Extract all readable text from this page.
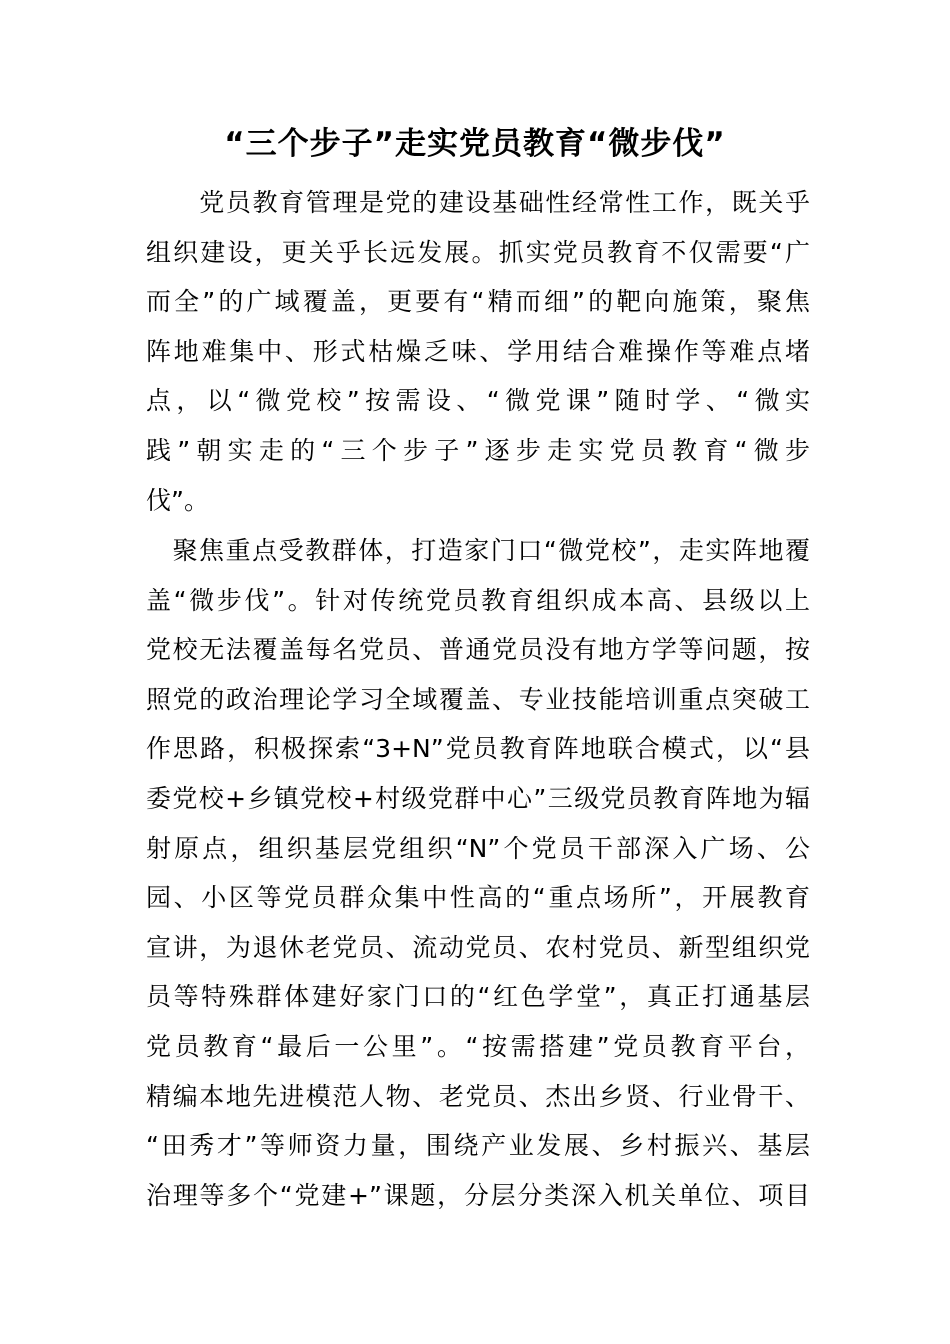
“三个步子”走实党员教育“微步伐”
　　党员教育管理是党的建设基础性经常性工作，既关乎
组织建设，更关乎长远发展。抓实党员教育不仅需要“广
而全”的广域覆盖，更要有“精而细”的靶向施策，聚焦
阵地难集中、形式枯燥乏味、学用结合难操作等难点堵
点，以“微党校”按需设、“微党课”随时学、“微实
践”朝实走的“三个步子”逐步走实党员教育“微步
伐”。
　聚焦重点受教群体，打造家门口“微党校”，走实阵地覆
盖“微步伐”。针对传统党员教育组织成本高、县级以上
党校无法覆盖每名党员、普通党员没有地方学等问题，按
照党的政治理论学习全域覆盖、专业技能培训重点突破工
作思路，积极探索“3+N”党员教育阵地联合模式，以“县
委党校+乡镇党校+村级党群中心”三级党员教育阵地为辐
射原点，组织基层党组织“N”个党员干部深入广场、公
园、小区等党员群众集中性高的“重点场所”，开展教育
宣讲，为退休老党员、流动党员、农村党员、新型组织党
员等特殊群体建好家门口的“红色学堂”，真正打通基层
党员教育“最后一公里”。“按需搭建”党员教育平台，
精编本地先进模范人物、老党员、杰出乡贤、行业骨干、
“田秀才”等师资力量，围绕产业发展、乡村振兴、基层
治理等多个“党建+”课题，分层分类深入机关单位、项目
